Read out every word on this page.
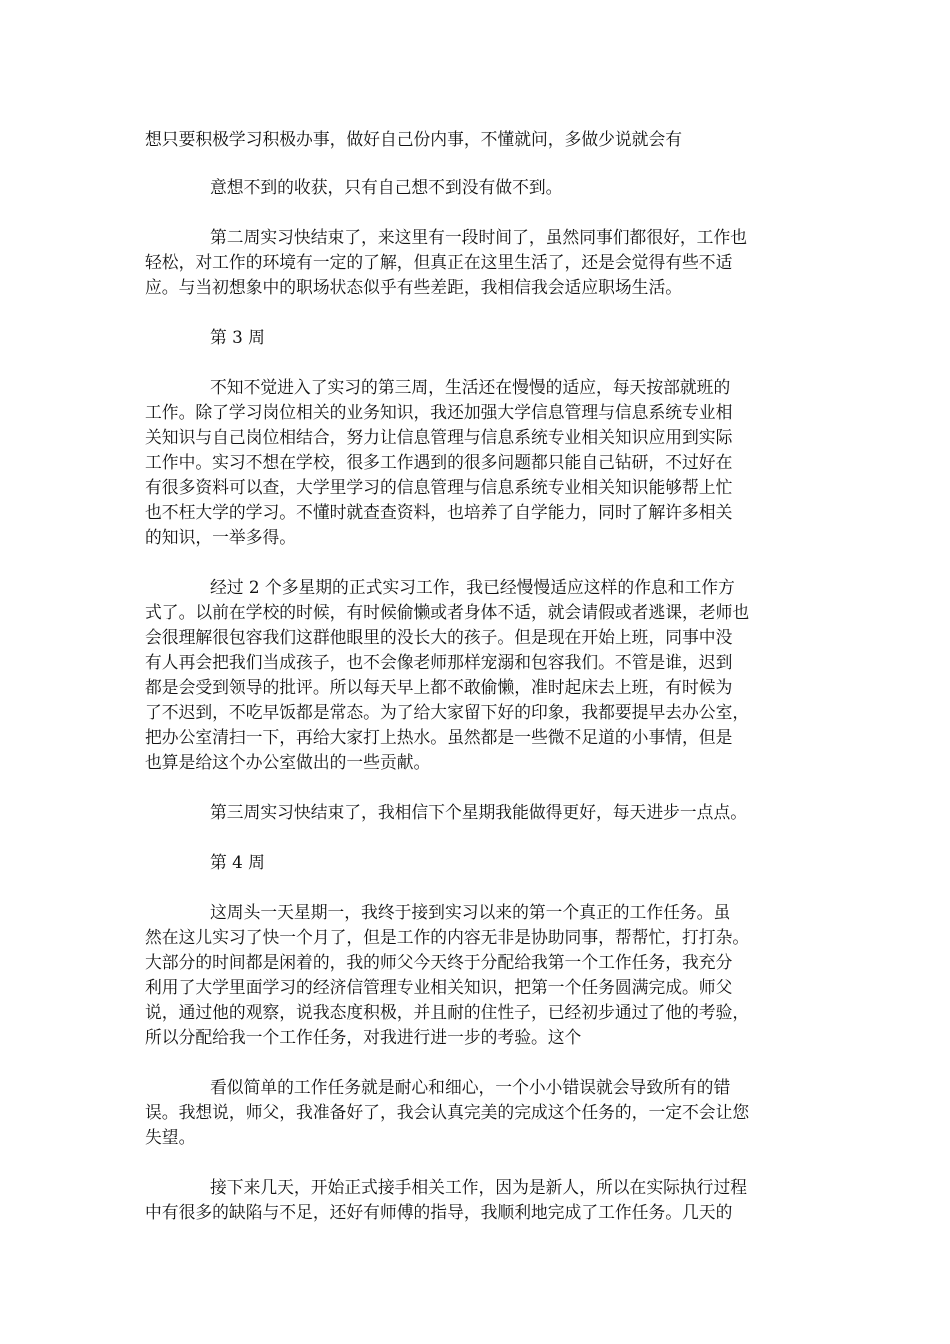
想只要积极学习积极办事，做好自己份内事，不懂就问，多做少说就会有
意想不到的收获，只有自己想不到没有做不到。
第二周实习快结束了，来这里有一段时间了，虽然同事们都很好，工作也
轻松，对工作的环境有一定的了解，但真正在这里生活了，还是会觉得有些不适
应。与当初想象中的职场状态似乎有些差距，我相信我会适应职场生活。
第 3 周
不知不觉进入了实习的第三周，生活还在慢慢的适应，每天按部就班的
工作。除了学习岗位相关的业务知识，我还加强大学信息管理与信息系统专业相
关知识与自己岗位相结合，努力让信息管理与信息系统专业相关知识应用到实际
工作中。实习不想在学校，很多工作遇到的很多问题都只能自己钻研，不过好在
有很多资料可以查，大学里学习的信息管理与信息系统专业相关知识能够帮上忙
也不枉大学的学习。不懂时就查查资料，也培养了自学能力，同时了解许多相关
的知识，一举多得。
经过 2 个多星期的正式实习工作，我已经慢慢适应这样的作息和工作方
式了。以前在学校的时候，有时候偷懒或者身体不适，就会请假或者逃课，老师也
会很理解很包容我们这群他眼里的没长大的孩子。但是现在开始上班，同事中没
有人再会把我们当成孩子，也不会像老师那样宠溺和包容我们。不管是谁，迟到
都是会受到领导的批评。所以每天早上都不敢偷懒，准时起床去上班，有时候为
了不迟到，不吃早饭都是常态。为了给大家留下好的印象，我都要提早去办公室，
把办公室清扫一下，再给大家打上热水。虽然都是一些微不足道的小事情，但是
也算是给这个办公室做出的一些贡献。
第三周实习快结束了，我相信下个星期我能做得更好，每天进步一点点。
第 4 周
这周头一天星期一，我终于接到实习以来的第一个真正的工作任务。虽
然在这儿实习了快一个月了，但是工作的内容无非是协助同事，帮帮忙，打打杂。
大部分的时间都是闲着的，我的师父今天终于分配给我第一个工作任务，我充分
利用了大学里面学习的经济信管理专业相关知识，把第一个任务圆满完成。师父
说，通过他的观察，说我态度积极，并且耐的住性子，已经初步通过了他的考验，
所以分配给我一个工作任务，对我进行进一步的考验。这个
看似简单的工作任务就是耐心和细心，一个小小错误就会导致所有的错
误。我想说，师父，我准备好了，我会认真完美的完成这个任务的，一定不会让您
失望。
接下来几天，开始正式接手相关工作，因为是新人，所以在实际执行过程
中有很多的缺陷与不足，还好有师傅的指导，我顺利地完成了工作任务。几天的
